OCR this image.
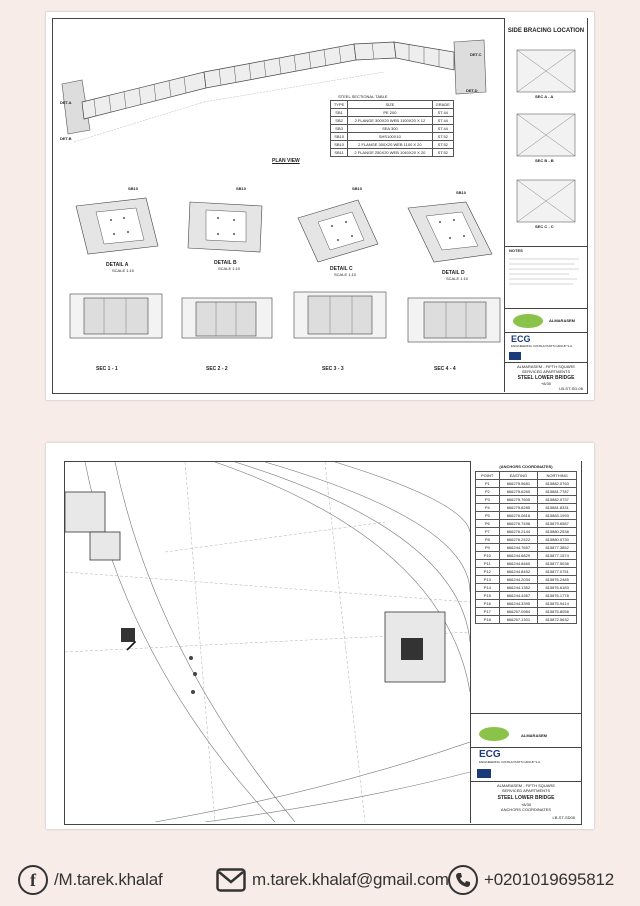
DET.A
DET.B
DET.C
DET.D
PLAN VIEW
STEEL SECTIONAL TABLE
TYPE	SIZE	GRADE
SB1	PE 200	ST.44
SB2	2 FLANGE 300X20 WEB 1100X20 X 12	ST.44
SB3	SEA 300	ST.44
SB10	SHS100X10	ST.52
SB10	2 FLANGE 300X20 WEB 1100 X 20	ST.52
SB11	2 FLANGE 250X20 WEB 1040X20 X 20	ST.52
SB10
DETAIL A
SCALE 1:10
SB10
DETAIL B
SCALE 1:10
SB10
DETAIL C
SCALE 1:10
SB10
DETAIL D
SCALE 1:10
SEC 1 - 1	SEC 2 - 2	SEC 3 - 3	SEC 4 - 4
SIDE BRACING LOCATION
SEC A - A
SEC B - B
SEC C - C
NOTES
ALMARASEM
ECG
ENGINEERING CONSULTANTS GROUP S.A.
ALMARASEM - FIFTH SQUARE
SERVICED APARTMENTS
STEEL LOWER BRIDGE
+8/30
LB-ST-SD-06
(ANCHORS COORDINATES)
POINT	EASTING	NORTHING
P1	666275.5681	815882.0763
P2	666275.6260	815881.7787
P3	666275.7605	815882.0737
P4	666275.8285	815881.8331
P5	666276.0816	815883.1993
P6	666276.7496	815879.6587
P7	666276.2144	815880.2538
P8	666276.2422	815880.0730
P9	666244.7657	815877.3852
P10	666244.6829	815877.1574
P11	666244.8460	815877.5036
P12	666244.8452	815877.0751
P13	666244.2034	815876.2485
P14	666244.1352	815876.6183
P15	666244.4367	815876.1778
P16	666244.3395	815875.9414
P17	666257.0984	815875.8058
P18	666257.1301	815872.5632
ALMARASEM
ECG
ENGINEERING CONSULTANTS GROUP S.A.
ALMARASEM - FIFTH SQUARE
SERVICED APARTMENTS
STEEL LOWER BRIDGE
+8/30
ANCHORS COORDINATES
LB-ST-SD05
f /M.tarek.khalaf	m.tarek.khalaf@gmail.com +0201019695812
